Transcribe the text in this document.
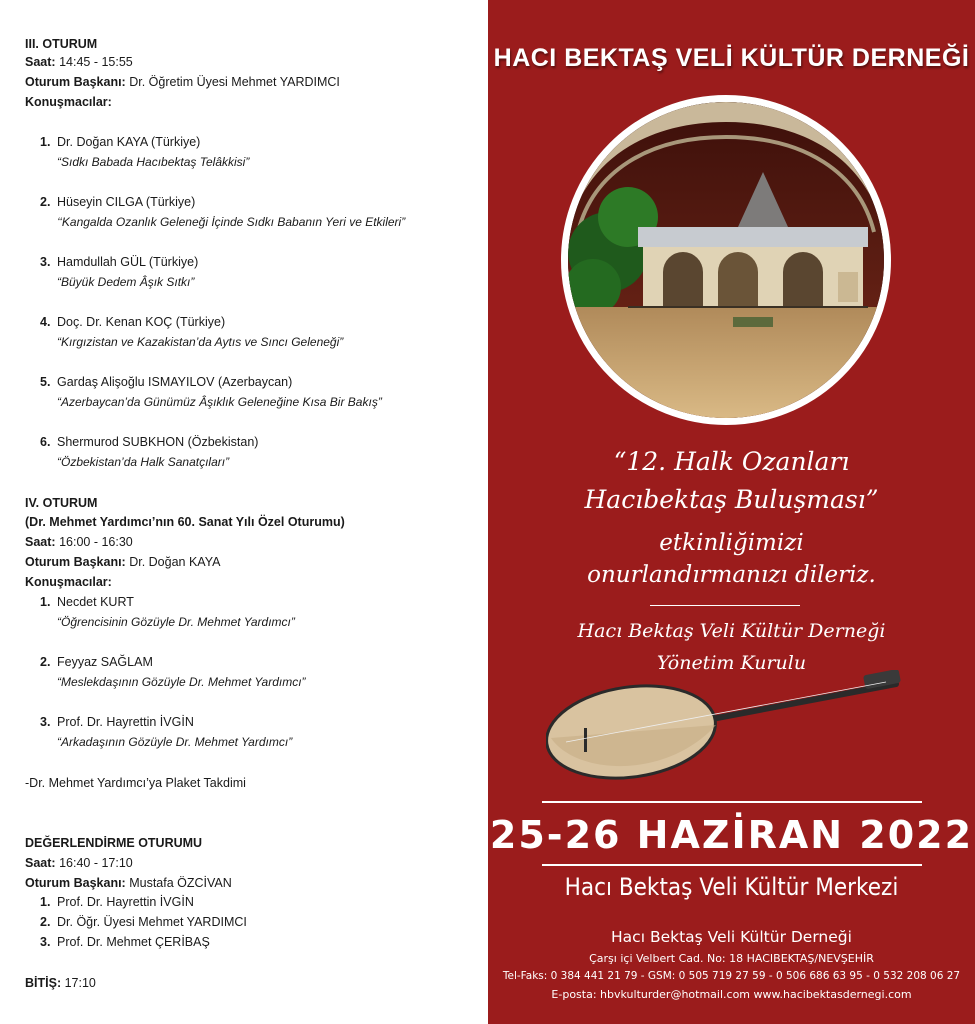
III. OTURUM
Saat: 14:45 - 15:55
Oturum Başkanı: Dr. Öğretim Üyesi Mehmet YARDIMCI
Konuşmacılar:
1. Dr. Doğan KAYA (Türkiye)
“Sıdkı Babada Hacıbektaş Telâkkisi”
2. Hüseyin CILGA (Türkiye)
‘‘Kangalda Ozanlık Geleneği İçinde Sıdkı Babanın Yeri ve Etkileri”
3. Hamdullah GÜL (Türkiye)
“Büyük Dedem Âşık Sıtkı”
4. Doç. Dr. Kenan KOÇ (Türkiye)
“Kırgızistan ve Kazakistan’da Aytıs ve Sıncı Geleneği”
5. Gardaş Alişoğlu ISMAYILOV (Azerbaycan)
“Azerbaycan’da Günümüz Âşıklık Geleneğine Kısa Bir Bakış”
6. Shermurod SUBKHON (Özbekistan)
“Özbekistan’da Halk Sanatçıları”
IV. OTURUM
(Dr. Mehmet Yardımcı’nın 60. Sanat Yılı Özel Oturumu)
Saat: 16:00 - 16:30
Oturum Başkanı: Dr. Doğan KAYA
Konuşmacılar:
1. Necdet KURT
“Öğrencisinin Gözüyle Dr. Mehmet Yardımcı”
2. Feyyaz SAĞLAM
“Meslekdaşının Gözüyle Dr. Mehmet Yardımcı”
3. Prof. Dr. Hayrettin İVGİN
“Arkadaşının Gözüyle Dr. Mehmet Yardımcı”
-Dr. Mehmet Yardımcı’ya Plaket Takdimi
DEĞERLENDİRME OTURUMU
Saat: 16:40 - 17:10
Oturum Başkanı: Mustafa ÖZCİVAN
1. Prof. Dr. Hayrettin İVGİN
2. Dr. Öğr. Üyesi Mehmet YARDIMCI
3. Prof. Dr. Mehmet ÇERİBAŞ
BİTİŞ: 17:10
HACI BEKTAŞ VELİ KÜLTÜR DERNEĞİ
“12. Halk Ozanları
Hacıbektaş Buluşması”
etkinliğimizi
onurlandırmanızı dileriz.
Hacı Bektaş Veli Kültür Derneği
Yönetim Kurulu
25-26 HAZİRAN 2022
Hacı Bektaş Veli Kültür Merkezi
Hacı Bektaş Veli Kültür Derneği
Çarşı içi Velbert Cad. No: 18 HACIBEKTAŞ/NEVŞEHİR
Tel-Faks: 0 384 441 21 79 - GSM: 0 505 719 27 59 - 0 506 686 63 95 - 0 532 208 06 27
E-posta: hbvkulturder@hotmail.com www.hacibektasdernegi.com
